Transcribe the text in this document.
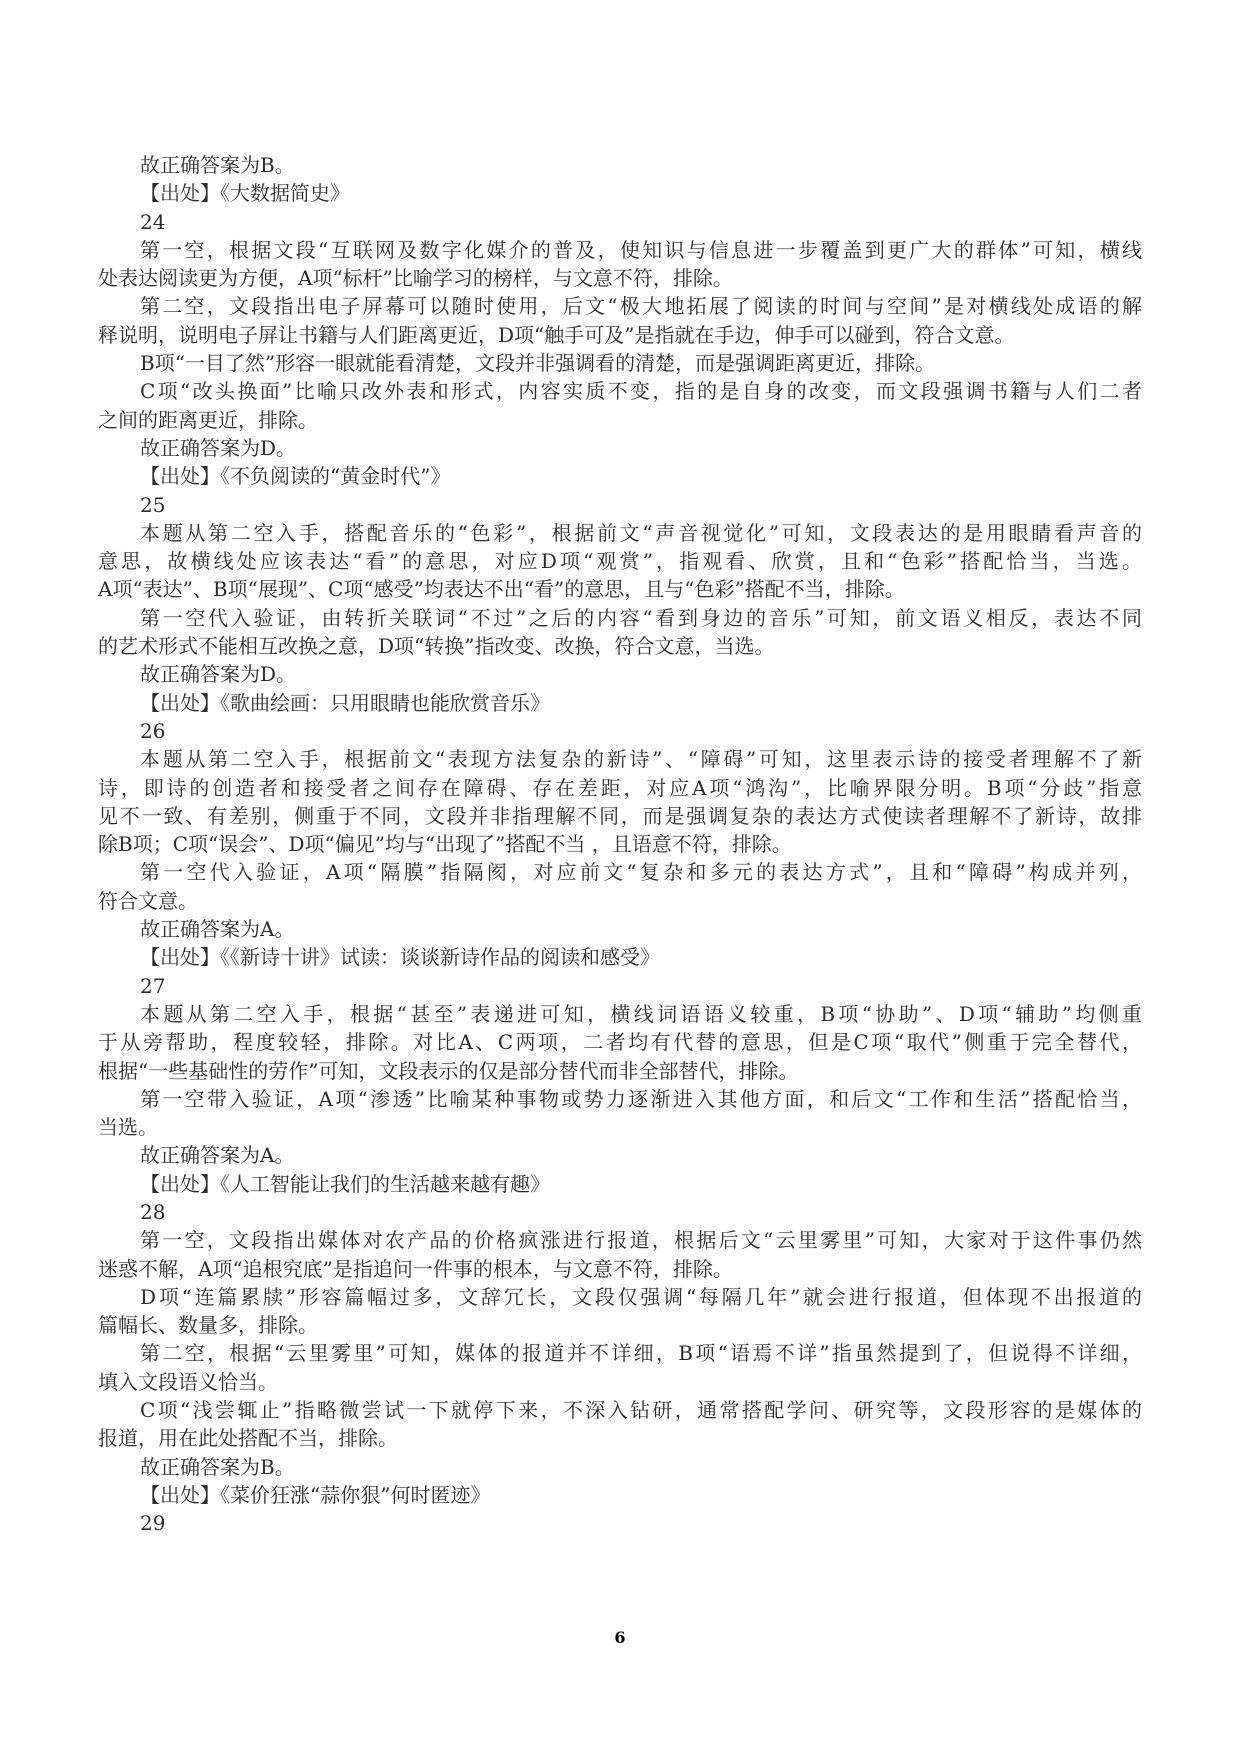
故正确答案为B。
【出处】《大数据简史》
24
第一空，根据文段“互联网及数字化媒介的普及，使知识与信息进一步覆盖到更广大的群体”可知，横线
处表达阅读更为方便，A项“标杆”比喻学习的榜样，与文意不符，排除。
第二空，文段指出电子屏幕可以随时使用，后文“极大地拓展了阅读的时间与空间”是对横线处成语的解
释说明，说明电子屏让书籍与人们距离更近，D项“触手可及”是指就在手边，伸手可以碰到，符合文意。
B项“一目了然”形容一眼就能看清楚，文段并非强调看的清楚，而是强调距离更近，排除。
C项“改头换面”比喻只改外表和形式，内容实质不变，指的是自身的改变，而文段强调书籍与人们二者
之间的距离更近，排除。
故正确答案为D。
【出处】《不负阅读的“黄金时代”》
25
本题从第二空入手，搭配音乐的“色彩”，根据前文“声音视觉化”可知，文段表达的是用眼睛看声音的
意思，故横线处应该表达“看”的意思，对应D项“观赏”，指观看、欣赏，且和“色彩”搭配恰当，当选。
A项“表达”、B项“展现”、C项“感受”均表达不出“看”的意思，且与“色彩”搭配不当，排除。
第一空代入验证，由转折关联词“不过”之后的内容“看到身边的音乐”可知，前文语义相反，表达不同
的艺术形式不能相互改换之意，D项“转换”指改变、改换，符合文意，当选。
故正确答案为D。
【出处】《歌曲绘画：只用眼睛也能欣赏音乐》
26
本题从第二空入手，根据前文“表现方法复杂的新诗”、“障碍”可知，这里表示诗的接受者理解不了新
诗，即诗的创造者和接受者之间存在障碍、存在差距，对应A项“鸿沟”，比喻界限分明。B项“分歧”指意
见不一致、有差别，侧重于不同，文段并非指理解不同，而是强调复杂的表达方式使读者理解不了新诗，故排
除B项；C项“误会”、D项“偏见”均与“出现了”搭配不当 ，且语意不符，排除。
第一空代入验证，A项“隔膜”指隔阂，对应前文“复杂和多元的表达方式”，且和“障碍”构成并列，
符合文意。
故正确答案为A。
【出处】《《新诗十讲》试读：谈谈新诗作品的阅读和感受》
27
本题从第二空入手，根据“甚至”表递进可知，横线词语语义较重，B项“协助”、D项“辅助”均侧重
于从旁帮助，程度较轻，排除。对比A、C两项，二者均有代替的意思，但是C项“取代”侧重于完全替代，
根据“一些基础性的劳作”可知，文段表示的仅是部分替代而非全部替代，排除。
第一空带入验证，A项“渗透”比喻某种事物或势力逐渐进入其他方面，和后文“工作和生活”搭配恰当，
当选。
故正确答案为A。
【出处】《人工智能让我们的生活越来越有趣》
28
第一空，文段指出媒体对农产品的价格疯涨进行报道，根据后文“云里雾里”可知，大家对于这件事仍然
迷惑不解，A项“追根究底”是指追问一件事的根本，与文意不符，排除。
D项“连篇累牍”形容篇幅过多，文辞冗长，文段仅强调“每隔几年”就会进行报道，但体现不出报道的
篇幅长、数量多，排除。
第二空，根据“云里雾里”可知，媒体的报道并不详细，B项“语焉不详”指虽然提到了，但说得不详细，
填入文段语义恰当。
C项“浅尝辄止”指略微尝试一下就停下来，不深入钻研，通常搭配学问、研究等，文段形容的是媒体的
报道，用在此处搭配不当，排除。
故正确答案为B。
【出处】《菜价狂涨“蒜你狠”何时匿迹》
29
6
